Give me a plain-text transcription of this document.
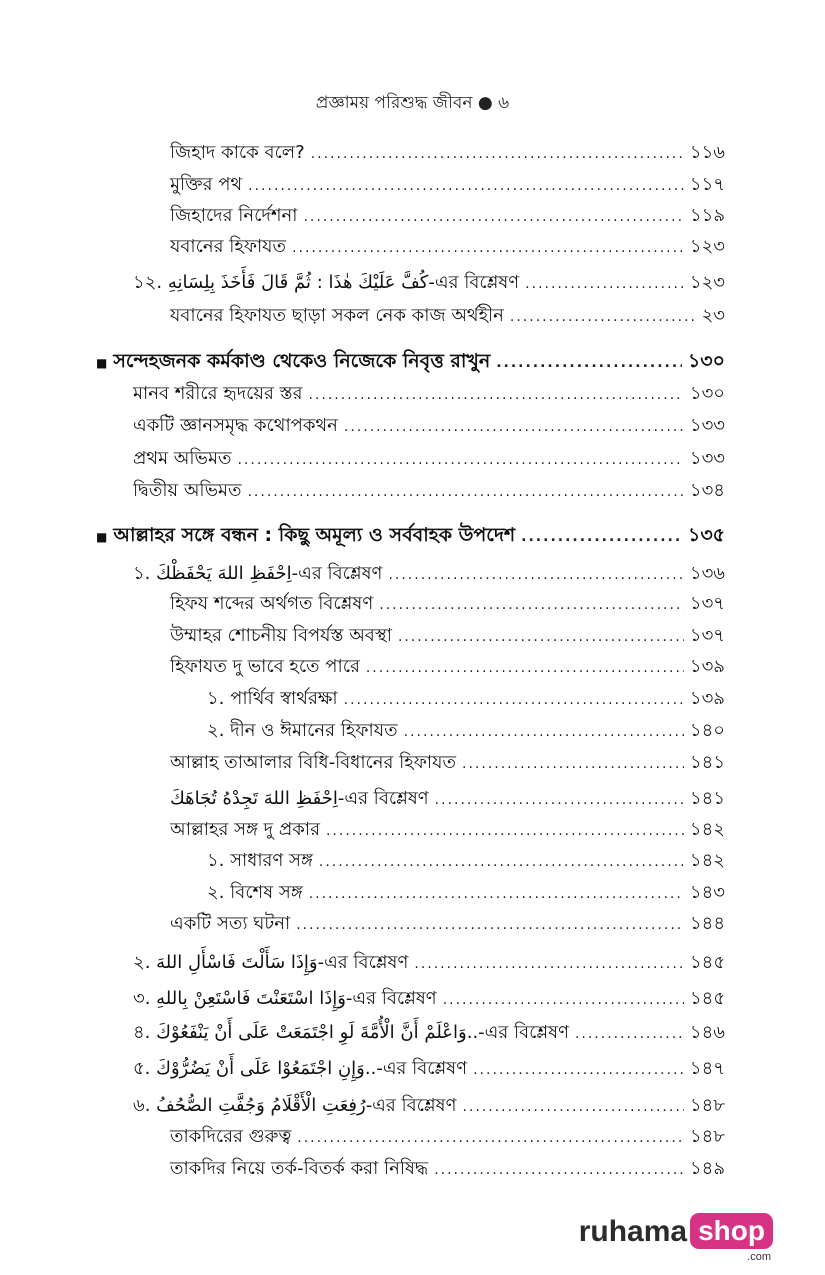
প্রজ্ঞাময় পরিশুদ্ধ জীবন ● ৬
জিহাদ কাকে বলে? .....	১১৬
মুক্তির পথ .....	১১৭
জিহাদের নির্দেশনা .....	১১৯
যবানের হিফাযত .....	১২৩
১২. كُفَّ عَلَيْكَ هٰذَا : ثُمَّ قَالَ فَأَخَذَ بِلِسَانِهِ-এর বিশ্লেষণ .....	১২৩
যবানের হিফাযত ছাড়া সকল নেক কাজ অর্থহীন .....	২৩
■ সন্দেহজনক কর্মকাণ্ড থেকেও নিজেকে নিবৃত্ত রাখুন .....	১৩০
মানব শরীরে হৃদয়ের স্তর .....	১৩০
একটি জ্ঞানসমৃদ্ধ কথোপকথন .....	১৩৩
প্রথম অভিমত .....	১৩৩
দ্বিতীয় অভিমত .....	১৩৪
■ আল্লাহর সঙ্গে বন্ধন : কিছু অমূল্য ও সর্ববাহক উপদেশ .....	১৩৫
১. اِحْفَظِ اللهَ يَحْفَظْكَ-এর বিশ্লেষণ .....	১৩৬
হিফয শব্দের অর্থগত বিশ্লেষণ .....	১৩৭
উম্মাহর শোচনীয় বিপর্যস্ত অবস্থা .....	১৩৭
হিফাযত দু ভাবে হতে পারে .....	১৩৯
১. পার্থিব স্বার্থরক্ষা .....	১৩৯
২. দীন ও ঈমানের হিফাযত .....	১৪০
আল্লাহ তাআলার বিধি-বিধানের হিফাযত .....	১৪১
اِحْفَظِ اللهَ تَجِدْهُ تُجَاهَكَ-এর বিশ্লেষণ .....	১৪১
আল্লাহর সঙ্গ দু প্রকার .....	১৪২
১. সাধারণ সঙ্গ .....	১৪২
২. বিশেষ সঙ্গ .....	১৪৩
একটি সত্য ঘটনা .....	১৪৪
২. وَإِذَا سَأَلْتَ فَاسْأَلِ اللهَ-এর বিশ্লেষণ .....	১৪৫
৩. وَإِذَا اسْتَعَنْتَ فَاسْتَعِنْ بِاللهِ-এর বিশ্লেষণ .....	১৪৫
৪. وَاعْلَمْ أَنَّ الْأُمَّةَ لَوِ اجْتَمَعَتْ عَلَى أَنْ يَنْفَعُوْكَ..-এর বিশ্লেষণ .....	১৪৬
৫. وَإِنِ اجْتَمَعُوْا عَلَى أَنْ يَضُرُّوْكَ..-এর বিশ্লেষণ .....	১৪৭
৬. رُفِعَتِ الْأَقْلَامُ وَجُفَّتِ الصُّحُفُ-এর বিশ্লেষণ .....	১৪৮
তাকদিরের গুরুত্ব .....	১৪৮
তাকদির নিয়ে তর্ক-বিতর্ক করা নিষিদ্ধ .....	১৪৯
ruhama shop
.com
